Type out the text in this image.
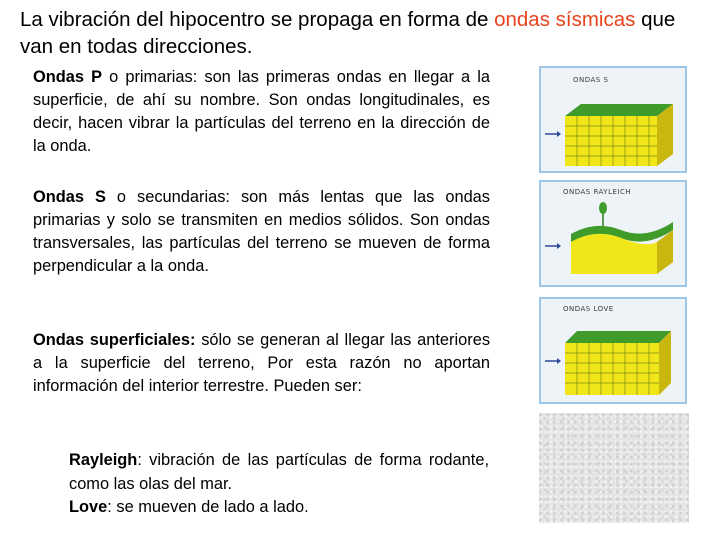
La vibración del hipocentro se propaga en forma de ondas sísmicas que van en todas direcciones.
Ondas P o primarias: son las primeras ondas en llegar a la superficie, de ahí su nombre. Son ondas longitudinales, es decir, hacen vibrar la partículas del terreno en la dirección de la onda.
Ondas S o secundarias: son más lentas que las ondas primarias y solo se transmiten en medios sólidos. Son ondas transversales, las partículas del terreno se mueven de forma perpendicular a la onda.
Ondas superficiales: sólo se generan al llegar las anteriores a la superficie del terreno, Por esta razón no aportan información del interior terrestre. Pueden ser:
Rayleigh: vibración de las partículas de forma rodante, como las olas del mar.
Love: se mueven de lado a lado.
ONDAS S
ONDAS RAYLEICH
ONDAS LOVE
